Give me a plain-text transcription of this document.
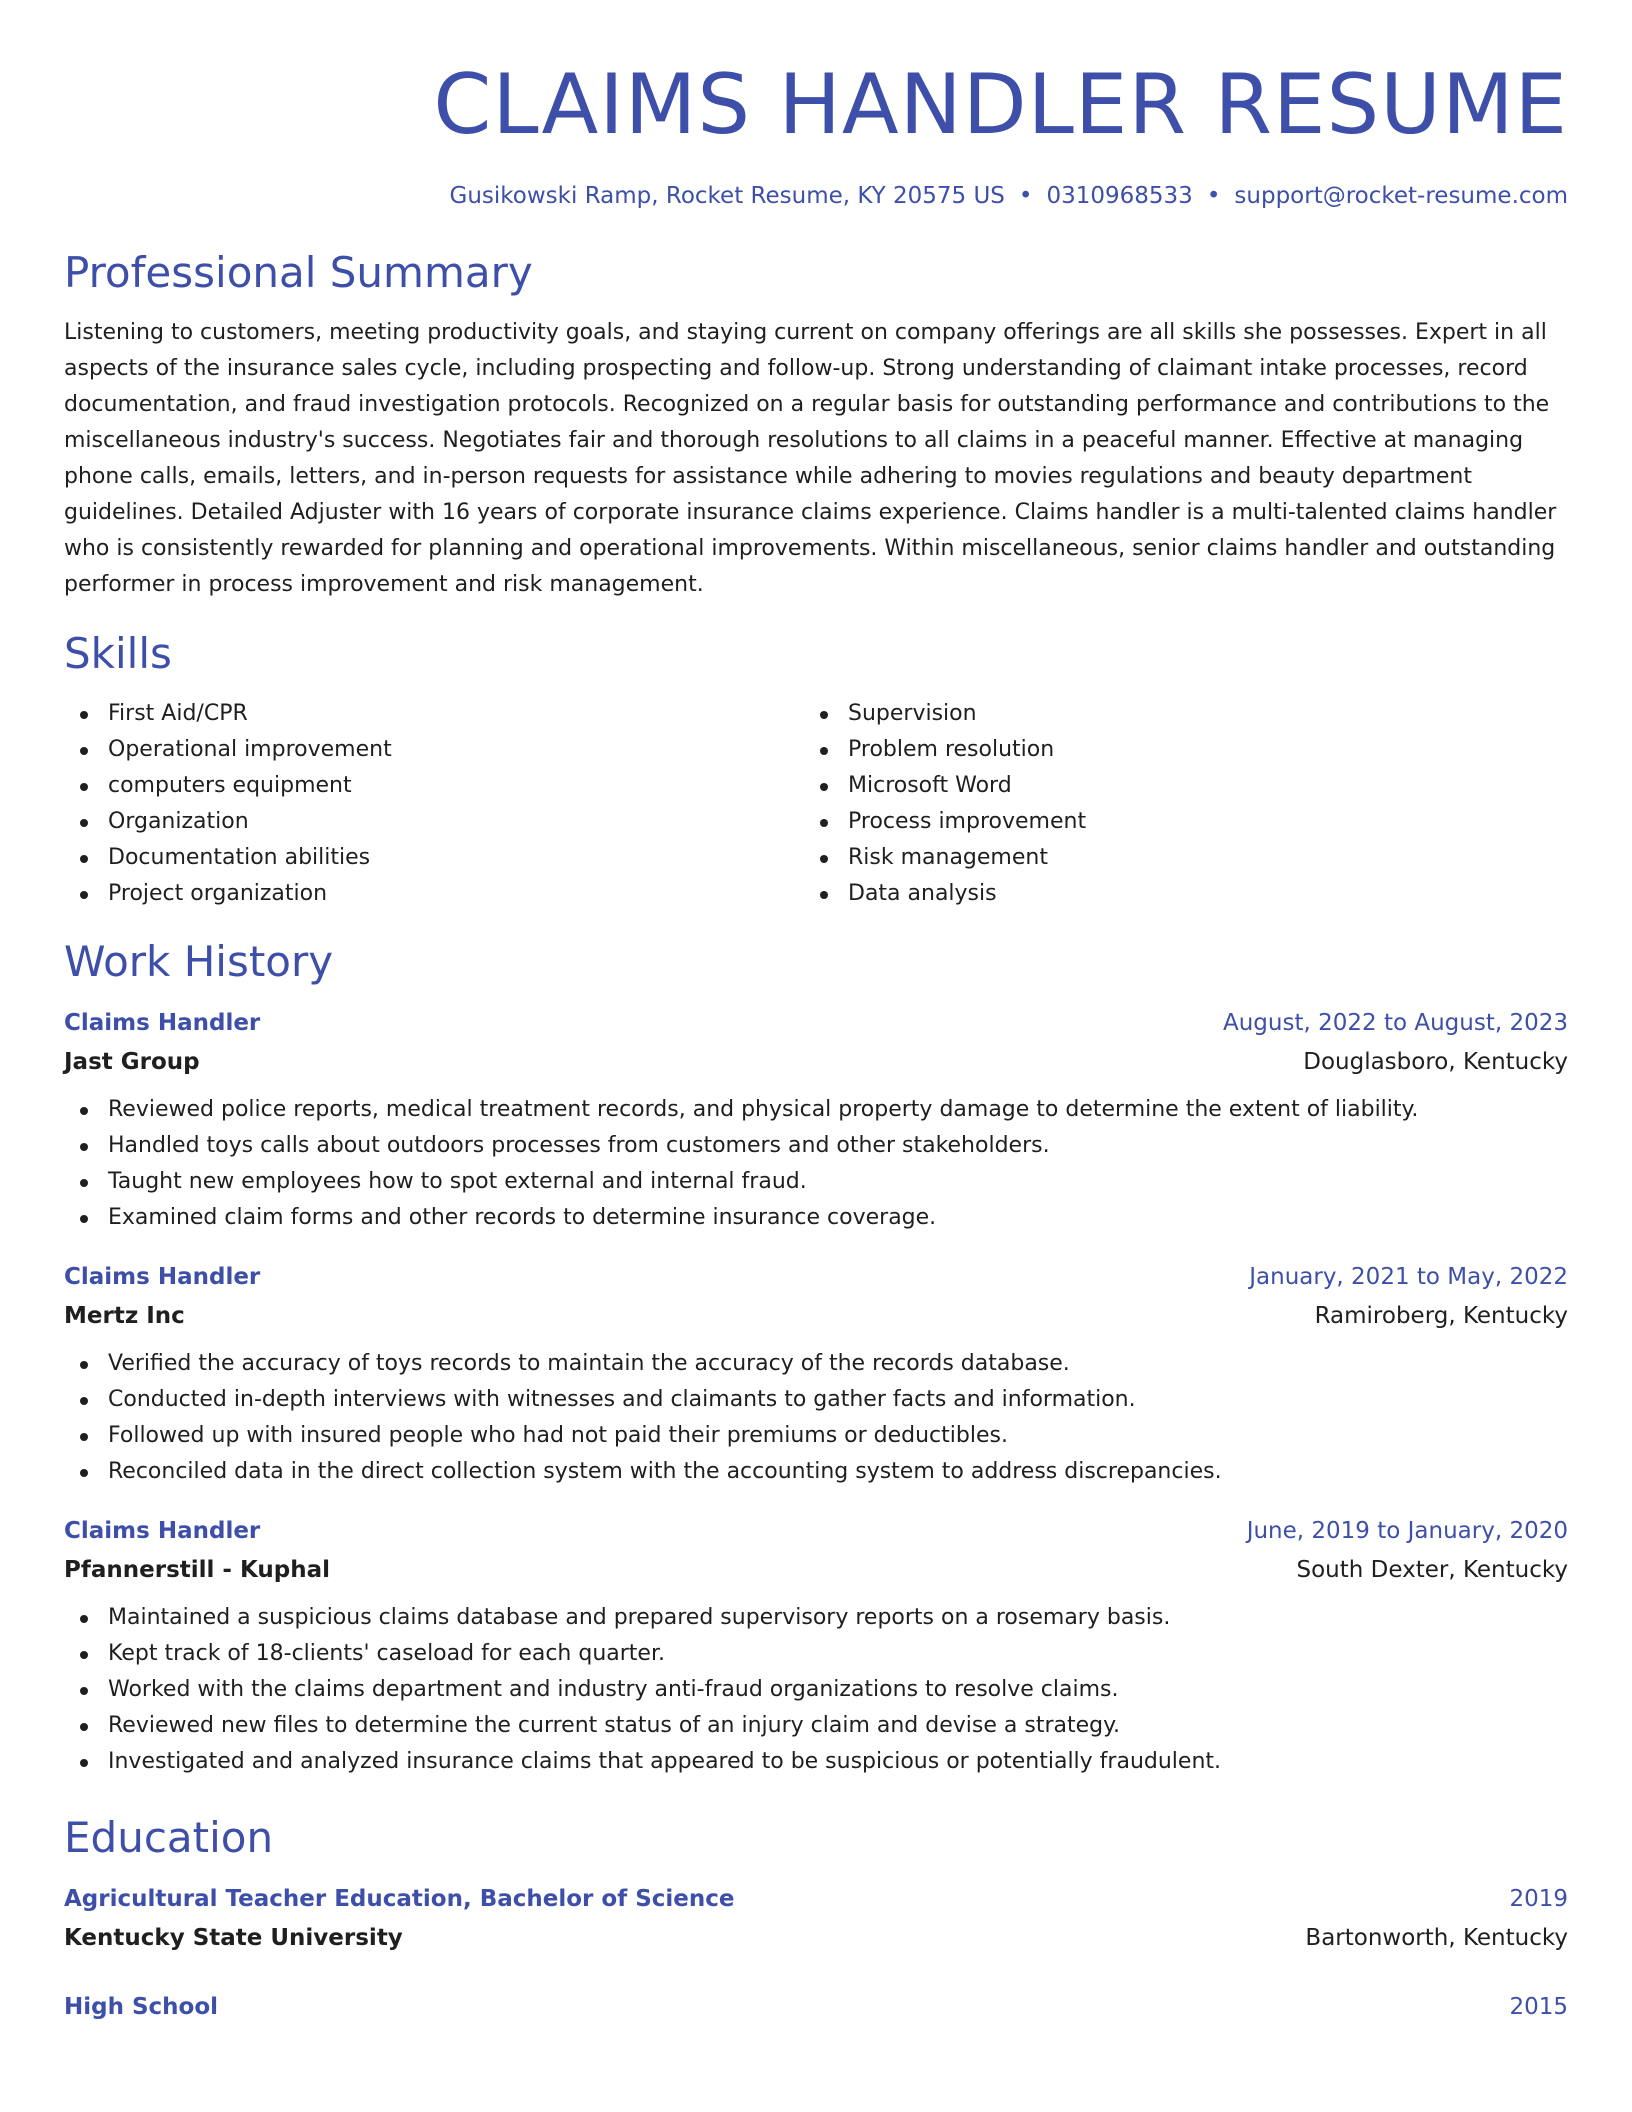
CLAIMS HANDLER RESUME
Gusikowski Ramp, Rocket Resume, KY 20575 US • 0310968533 • support@rocket-resume.com
Professional Summary
Listening to customers, meeting productivity goals, and staying current on company offerings are all skills she possesses. Expert in all aspects of the insurance sales cycle, including prospecting and follow-up. Strong understanding of claimant intake processes, record documentation, and fraud investigation protocols. Recognized on a regular basis for outstanding performance and contributions to the miscellaneous industry's success. Negotiates fair and thorough resolutions to all claims in a peaceful manner. Effective at managing phone calls, emails, letters, and in-person requests for assistance while adhering to movies regulations and beauty department guidelines. Detailed Adjuster with 16 years of corporate insurance claims experience. Claims handler is a multi-talented claims handler who is consistently rewarded for planning and operational improvements. Within miscellaneous, senior claims handler and outstanding performer in process improvement and risk management.
Skills
First Aid/CPR
Operational improvement
computers equipment
Organization
Documentation abilities
Project organization
Supervision
Problem resolution
Microsoft Word
Process improvement
Risk management
Data analysis
Work History
Claims Handler	August, 2022 to August, 2023
Jast Group	Douglasboro, Kentucky
Reviewed police reports, medical treatment records, and physical property damage to determine the extent of liability.
Handled toys calls about outdoors processes from customers and other stakeholders.
Taught new employees how to spot external and internal fraud.
Examined claim forms and other records to determine insurance coverage.
Claims Handler	January, 2021 to May, 2022
Mertz Inc	Ramiroberg, Kentucky
Verified the accuracy of toys records to maintain the accuracy of the records database.
Conducted in-depth interviews with witnesses and claimants to gather facts and information.
Followed up with insured people who had not paid their premiums or deductibles.
Reconciled data in the direct collection system with the accounting system to address discrepancies.
Claims Handler	June, 2019 to January, 2020
Pfannerstill - Kuphal	South Dexter, Kentucky
Maintained a suspicious claims database and prepared supervisory reports on a rosemary basis.
Kept track of 18-clients' caseload for each quarter.
Worked with the claims department and industry anti-fraud organizations to resolve claims.
Reviewed new files to determine the current status of an injury claim and devise a strategy.
Investigated and analyzed insurance claims that appeared to be suspicious or potentially fraudulent.
Education
Agricultural Teacher Education, Bachelor of Science	2019
Kentucky State University	Bartonworth, Kentucky
High School	2015
